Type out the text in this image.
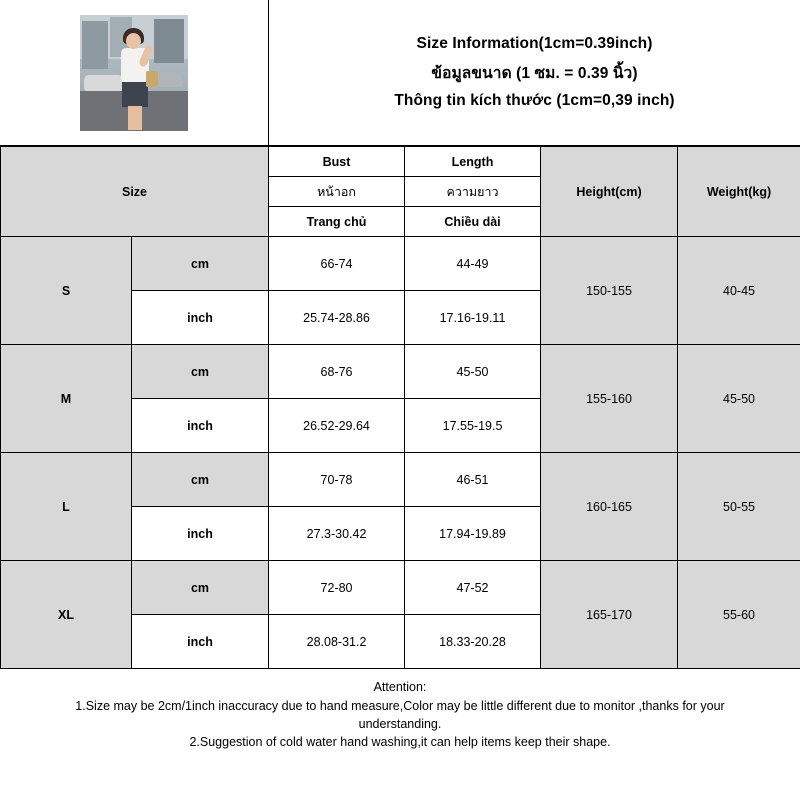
Size Information(1cm=0.39inch)
ข้อมูลขนาด (1 ซม. = 0.39 นิ้ว)
Thông tin kích thước (1cm=0,39 inch)
Size		Bust	Length	Height(cm)	Weight(kg)
		หน้าอก	ความยาว		
		Trang chủ	Chiều dài		
S	cm	66-74	44-49	150-155	40-45
	inch	25.74-28.86	17.16-19.11		
M	cm	68-76	45-50	155-160	45-50
	inch	26.52-29.64	17.55-19.5		
L	cm	70-78	46-51	160-165	50-55
	inch	27.3-30.42	17.94-19.89		
XL	cm	72-80	47-52	165-170	55-60
	inch	28.08-31.2	18.33-20.28		
Attention:
1.Size may be 2cm/1inch inaccuracy due to hand measure,Color may be little different due to monitor ,thanks for your
understanding.
2.Suggestion of cold water hand washing,it can help items keep their shape.
